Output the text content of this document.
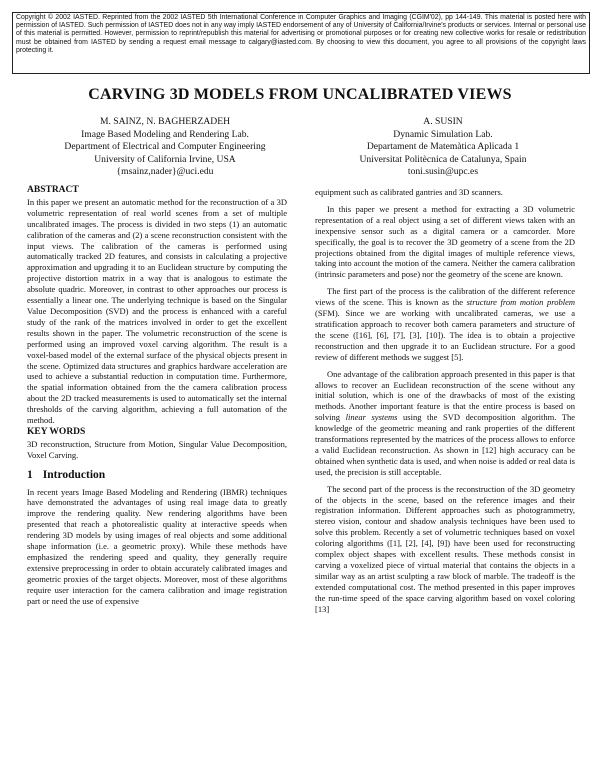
Copyright © 2002 IASTED. Reprinted from the 2002 IASTED 5th International Conference in Computer Graphics and Imaging (CGIM'02), pp 144-149. This material is posted here with permission of IASTED. Such permission of IASTED does not in any way imply IASTED endorsement of any of University of California/Irvine's products or services. Internal or personal use of this material is permitted. However, permission to reprint/republish this material for advertising or promotional purposes or for creating new collective works for resale or redistribution must be obtained from IASTED by sending a request email message to calgary@iasted.com. By choosing to view this document, you agree to all provisions of the copyright laws protecting it.
CARVING 3D MODELS FROM UNCALIBRATED VIEWS
M. SAINZ, N. BAGHERZADEH
Image Based Modeling and Rendering Lab.
Department of Electrical and Computer Engineering
University of California Irvine, USA
{msainz,nader}@uci.edu
A. SUSIN
Dynamic Simulation Lab.
Departament de Matemàtica Aplicada 1
Universitat Politècnica de Catalunya, Spain
toni.susin@upc.es
ABSTRACT

In this paper we present an automatic method for the reconstruction of a 3D volumetric representation of real world scenes from a set of multiple uncalibrated images. The process is divided in two steps (1) an automatic calibration of the cameras and (2) a scene reconstruction consistent with the input views. The calibration of the cameras is performed using automatically tracked 2D features, and consists in calculating a projective approximation and upgrading it to an Euclidean structure by computing the projective distortion matrix in a way that is analogous to estimate the absolute quadric. Moreover, in contrast to other approaches our process is essentially a linear one. The underlying technique is based on the Singular Value Decomposition (SVD) and the process is enhanced with a careful study of the rank of the matrices involved in order to get the excellent results shown in the paper. The volumetric reconstruction of the scene is performed using an improved voxel carving algorithm. The result is a voxel-based model of the external surface of the physical objects present in the scene. Optimized data structures and graphics hardware acceleration are used to achieve a substantial reduction in computation time. Furthermore, the spatial information obtained from the the camera calibration process about the 2D tracked measurements is used to automatically set the internal thresholds of the carving algorithm, achieving a full automation of the method.

KEY WORDS

3D reconstruction, Structure from Motion, Singular Value Decomposition, Voxel Carving.

1 Introduction

In recent years Image Based Modeling and Rendering (IBMR) techniques have demonstrated the advantages of using real image data to greatly improve the rendering quality. New rendering algorithms have been presented that reach a photorealistic quality at interactive speeds when rendering 3D models by using images of real objects and some additional shape information (i.e. a geometric proxy). While these methods have emphasized the rendering speed and quality, they generally require extensive preprocessing in order to obtain accurately calibrated images and geometric proxies of the target objects. Moreover, most of these algorithms require user interaction for the camera calibration and image registration part or need the use of expensive

equipment such as calibrated gantries and 3D scanners.

In this paper we present a method for extracting a 3D volumetric representation of a real object using a set of different views taken with an inexpensive sensor such as a digital camera or a camcorder. More specifically, the goal is to recover the 3D geometry of a scene from the 2D projections obtained from the digital images of multiple reference views, taking into account the motion of the camera. Neither the camera calibration (intrinsic parameters and pose) nor the geometry of the scene are known.

The first part of the process is the calibration of the different reference views of the scene. This is known as the structure from motion problem (SFM). Since we are working with uncalibrated cameras, we use a stratification approach to recover both camera parameters and structure of the scene ([16], [6], [7], [3], [10]). The idea is to obtain a projective reconstruction and then upgrade it to an Euclidean structure. For a good review of different methods we suggest [5].

One advantage of the calibration approach presented in this paper is that allows to recover an Euclidean reconstruction of the scene without any initial solution, which is one of the drawbacks of most of the existing methods. Another important feature is that the entire process is based on solving linear systems using the SVD decomposition algorithm. The knowledge of the geometric meaning and rank properties of the different transformations represented by the matrices of the process allows to enforce a valid Euclidean reconstruction. As shown in [12] high accuracy can be obtained when synthetic data is used, and when noise is added or real data is used, the precision is still acceptable.

The second part of the process is the reconstruction of the 3D geometry of the objects in the scene, based on the reference images and their registration information. Different approaches such as photogrammetry, stereo vision, contour and shadow analysis techniques have been used to solve this problem. Recently a set of volumetric techniques based on voxel coloring algorithms ([1], [2], [4], [9]) have been used for reconstructing complex object shapes with excellent results. These methods consist in carving a voxelized piece of virtual material that contains the objects in a similar way as an artist sculpting a raw block of marble. The tradeoff is the extended computational cost. The method presented in this paper improves the run-time speed of the space carving algorithm based on voxel coloring [13]
